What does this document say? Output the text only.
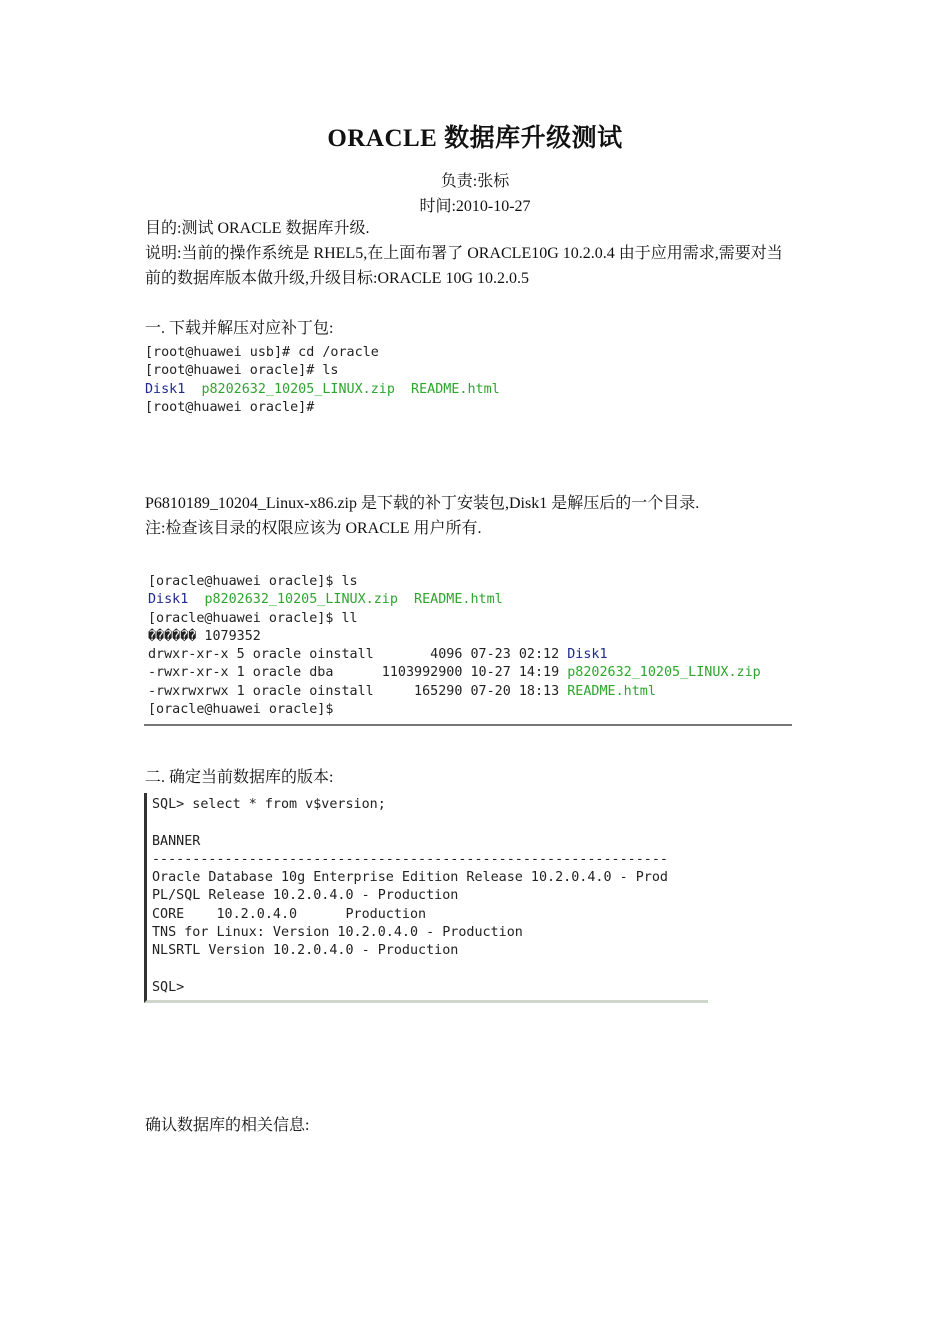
ORACLE 数据库升级测试
负责:张标
时间:2010-10-27
目的:测试 ORACLE 数据库升级.
说明:当前的操作系统是 RHEL5,在上面布署了 ORACLE10G 10.2.0.4 由于应用需求,需要对当
前的数据库版本做升级,升级目标:ORACLE 10G 10.2.0.5
一. 下载并解压对应补丁包:
[root@huawei usb]# cd /oracle
[root@huawei oracle]# ls
Disk1 p8202632_10205_LINUX.zip README.html
[root@huawei oracle]#
P6810189_10204_Linux-x86.zip 是下载的补丁安装包,Disk1 是解压后的一个目录.
注:检查该目录的权限应该为 ORACLE 用户所有.
[oracle@huawei oracle]$ ls
Disk1 p8202632_10205_LINUX.zip README.html
[oracle@huawei oracle]$ ll
������ 1079352
drwxr-xr-x 5 oracle oinstall       4096 07-23 02:12 Disk1
-rwxr-xr-x 1 oracle dba      1103992900 10-27 14:19 p8202632_10205_LINUX.zip
-rwxrwxrwx 1 oracle oinstall     165290 07-20 18:13 README.html
[oracle@huawei oracle]$
二. 确定当前数据库的版本:
SQL> select * from v$version;
BANNER
----------------------------------------------------------------
Oracle Database 10g Enterprise Edition Release 10.2.0.4.0 - Prod
PL/SQL Release 10.2.0.4.0 - Production
CORE    10.2.0.4.0      Production
TNS for Linux: Version 10.2.0.4.0 - Production
NLSRTL Version 10.2.0.4.0 - Production
SQL>
确认数据库的相关信息:
